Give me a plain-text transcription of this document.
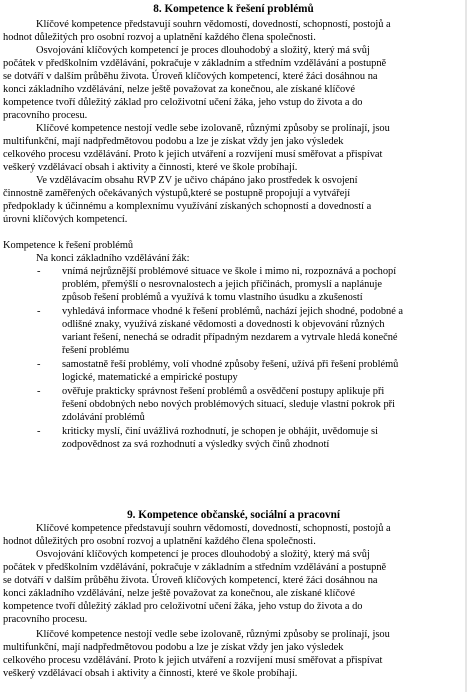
8. Kompetence k řešení problémů
Klíčové kompetence představují souhrn vědomostí, dovedností, schopností, postojů a
hodnot důležitých pro osobní rozvoj a uplatnění každého člena společnosti.
Osvojování klíčových kompetencí je proces dlouhodobý a složitý, který má svůj
počátek v předškolním vzdělávání, pokračuje v základním a středním vzdělávání a postupně
se dotváří v dalším průběhu života. Úroveň klíčových kompetencí, které žáci dosáhnou na
konci základního vzdělávání, nelze ještě považovat za konečnou, ale získané klíčové
kompetence tvoří důležitý základ pro celoživotní učení žáka, jeho vstup do života a do
pracovního procesu.
Klíčové kompetence nestojí vedle sebe izolovaně, různými způsoby se prolínají, jsou
multifunkční, mají nadpředmětovou podobu a lze je získat vždy jen jako výsledek
celkového procesu vzdělávání. Proto k jejich utváření a rozvíjení musí směřovat a přispívat
veškerý vzdělávací obsah i aktivity a činnosti, které ve škole probíhají.
Ve vzdělávacím obsahu RVP ZV je učivo chápáno jako prostředek k osvojení
činnostně zaměřených očekávaných výstupů,které se postupně propojují a vytvářejí
předpoklady k účinnému a komplexnímu využívání získaných schopností a dovedností a
úrovni klíčových kompetencí.
Kompetence k řešení problémů
Na konci základního vzdělávání žák:
- vnímá nejrůznější problémové situace ve škole i mimo ni, rozpoznává a pochopí
problém, přemýšlí o nesrovnalostech a jejich příčinách, promyslí a naplánuje
způsob řešení problémů a využívá k tomu vlastního úsudku a zkušeností
- vyhledává informace vhodné k řešení problémů, nachází jejich shodné, podobné a
odlišné znaky, využívá získané vědomosti a dovednosti k objevování různých
variant řešení, nenechá se odradit případným nezdarem a vytrvale hledá konečné
řešení problému
- samostatně řeší problémy, volí vhodné způsoby řešení, užívá při řešení problémů
logické, matematické a empirické postupy
- ověřuje prakticky správnost řešení problémů a osvědčení postupy aplikuje při
řešení obdobných nebo nových problémových situací, sleduje vlastní pokrok při
zdolávání problémů
- kriticky myslí, činí uvážlivá rozhodnutí, je schopen je obhájit, uvědomuje si
zodpovědnost za svá rozhodnutí a výsledky svých činů zhodnotí
9. Kompetence občanské, sociální a pracovní
Klíčové kompetence představují souhrn vědomostí, dovedností, schopností, postojů a
hodnot důležitých pro osobní rozvoj a uplatnění každého člena společnosti.
Osvojování klíčových kompetencí je proces dlouhodobý a složitý, který má svůj
počátek v předškolním vzdělávání, pokračuje v základním a středním vzdělávání a postupně
se dotváří v dalším průběhu života. Úroveň klíčových kompetencí, které žáci dosáhnou na
konci základního vzdělávání, nelze ještě považovat za konečnou, ale získané klíčové
kompetence tvoří důležitý základ pro celoživotní učení žáka, jeho vstup do života a do
pracovního procesu.
Klíčové kompetence nestojí vedle sebe izolovaně, různými způsoby se prolínají, jsou
multifunkční, mají nadpředmětovou podobu a lze je získat vždy jen jako výsledek
celkového procesu vzdělávání. Proto k jejich utváření a rozvíjení musí směřovat a přispívat
veškerý vzdělávací obsah i aktivity a činnosti, které ve škole probíhají.
